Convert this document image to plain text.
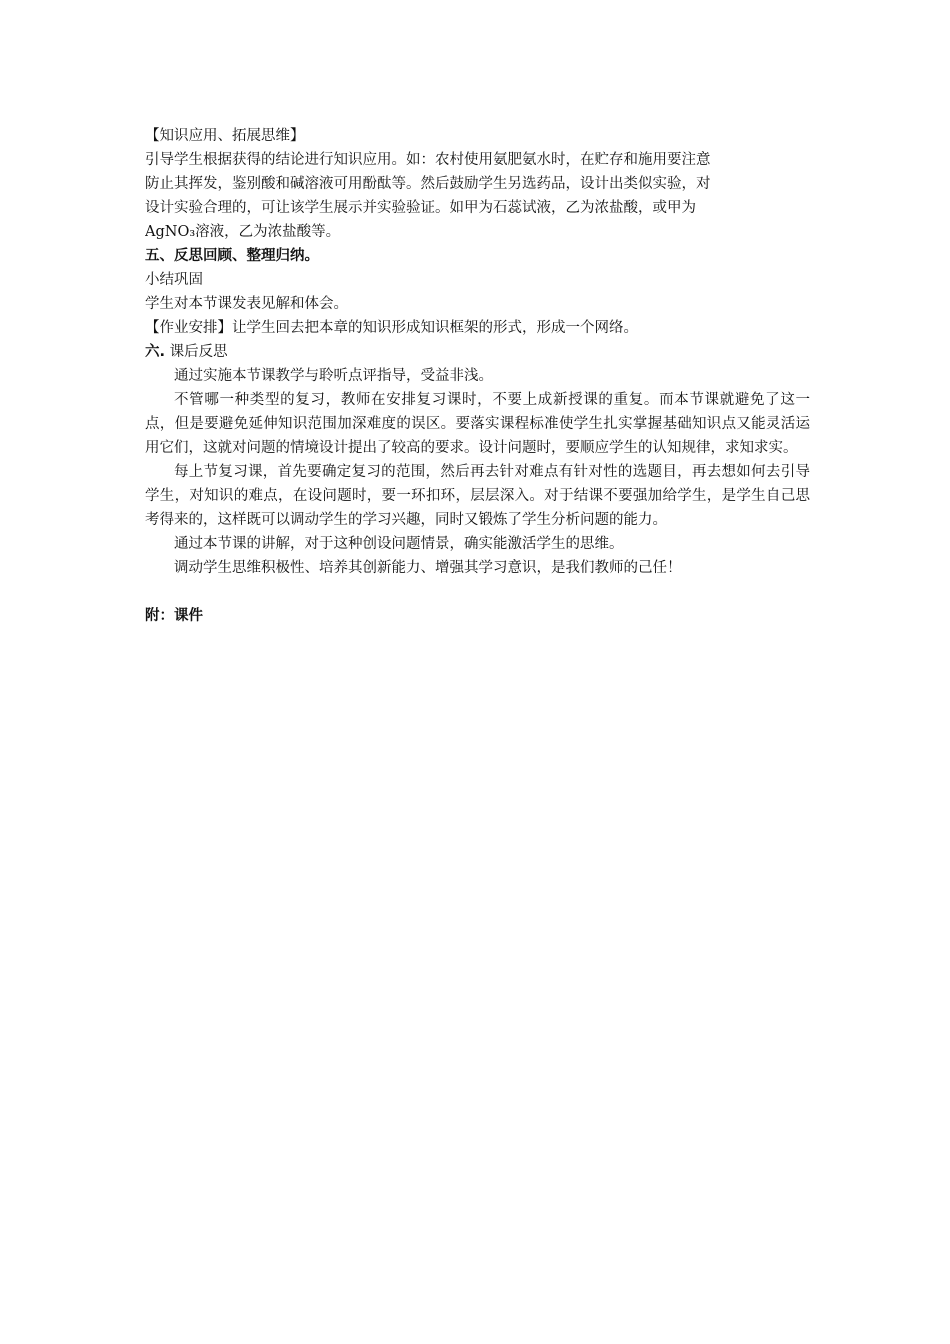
【知识应用、拓展思维】
引导学生根据获得的结论进行知识应用。如：农村使用氨肥氨水时，在贮存和施用要注意
防止其挥发，鉴别酸和碱溶液可用酚酞等。然后鼓励学生另选药品，设计出类似实验，对
设计实验合理的，可让该学生展示并实验验证。如甲为石蕊试液，乙为浓盐酸，或甲为
AgNO₃溶液，乙为浓盐酸等。
五、反思回顾、整理归纳。
小结巩固
学生对本节课发表见解和体会。
【作业安排】让学生回去把本章的知识形成知识框架的形式，形成一个网络。
六. 课后反思
通过实施本节课教学与聆听点评指导，受益非浅。
不管哪一种类型的复习，教师在安排复习课时，不要上成新授课的重复。而本节课就避免了这一点，但是要避免延伸知识范围加深难度的误区。要落实课程标准使学生扎实掌握基础知识点又能灵活运用它们，这就对问题的情境设计提出了较高的要求。设计问题时，要顺应学生的认知规律，求知求实。
每上节复习课，首先要确定复习的范围，然后再去针对难点有针对性的选题目，再去想如何去引导学生，对知识的难点，在设问题时，要一环扣环，层层深入。对于结课不要强加给学生，是学生自己思考得来的，这样既可以调动学生的学习兴趣，同时又锻炼了学生分析问题的能力。
通过本节课的讲解，对于这种创设问题情景，确实能激活学生的思维。
调动学生思维积极性、培养其创新能力、增强其学习意识，是我们教师的己任！
附：课件
